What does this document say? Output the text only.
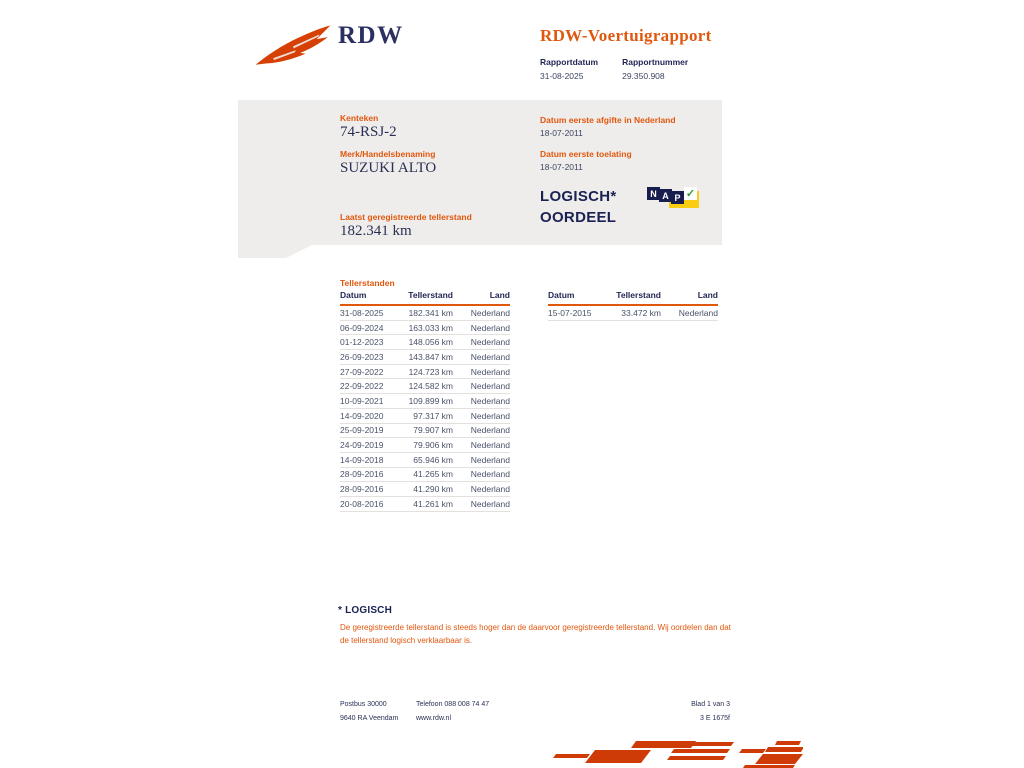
RDW	RDW-Voertuigrapport
Rapportdatum
31-08-2025
Rapportnummer
29.350.908
Kenteken
74-RSJ-2
Merk/Handelsbenaming
SUZUKI ALTO
Laatst geregistreerde tellerstand
182.341 km
Datum eerste afgifte in Nederland
18-07-2011
Datum eerste toelating
18-07-2011
LOGISCH*
OORDEEL
N A P ✓
Tellerstanden
Datum	Tellerstand	Land
31-08-2025	182.341 km	Nederland
06-09-2024	163.033 km	Nederland
01-12-2023	148.056 km	Nederland
26-09-2023	143.847 km	Nederland
27-09-2022	124.723 km	Nederland
22-09-2022	124.582 km	Nederland
10-09-2021	109.899 km	Nederland
14-09-2020	97.317 km	Nederland
25-09-2019	79.907 km	Nederland
24-09-2019	79.906 km	Nederland
14-09-2018	65.946 km	Nederland
28-09-2016	41.265 km	Nederland
28-09-2016	41.290 km	Nederland
20-08-2016	41.261 km	Nederland
Datum	Tellerstand	Land
15-07-2015	33.472 km	Nederland
* LOGISCH
De geregistreerde tellerstand is steeds hoger dan de daarvoor geregistreerde tellerstand. Wij oordelen dan dat de tellerstand logisch verklaarbaar is.
Postbus 30000	Telefoon 088 008 74 47	Blad 1 van 3
9640 RA Veendam	www.rdw.nl	3 E 1675f
